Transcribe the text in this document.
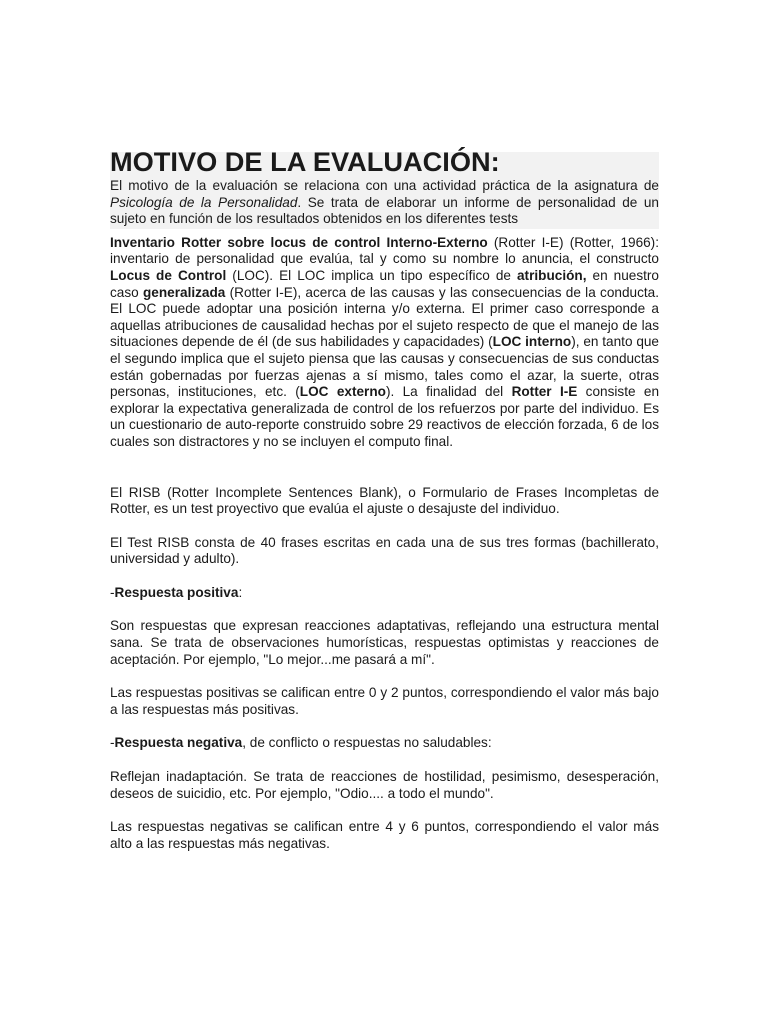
MOTIVO DE LA EVALUACIÓN:

El motivo de la evaluación se relaciona con una actividad práctica de la asignatura de Psicología de la Personalidad. Se trata de elaborar un informe de personalidad de un sujeto en función de los resultados obtenidos en los diferentes tests

Inventario Rotter sobre locus de control Interno-Externo (Rotter I-E) (Rotter, 1966): inventario de personalidad que evalúa, tal y como su nombre lo anuncia, el constructo Locus de Control (LOC). El LOC implica un tipo específico de atribución, en nuestro caso generalizada (Rotter I-E), acerca de las causas y las consecuencias de la conducta. El LOC puede adoptar una posición interna y/o externa. El primer caso corresponde a aquellas atribuciones de causalidad hechas por el sujeto respecto de que el manejo de las situaciones depende de él (de sus habilidades y capacidades) (LOC interno), en tanto que el segundo implica que el sujeto piensa que las causas y consecuencias de sus conductas están gobernadas por fuerzas ajenas a sí mismo, tales como el azar, la suerte, otras personas, instituciones, etc. (LOC externo). La finalidad del Rotter I-E consiste en explorar la expectativa generalizada de control de los refuerzos por parte del individuo. Es un cuestionario de auto-reporte construido sobre 29 reactivos de elección forzada, 6 de los cuales son distractores y no se incluyen el computo final.

El RISB (Rotter Incomplete Sentences Blank), o Formulario de Frases Incompletas de Rotter, es un test proyectivo que evalúa el ajuste o desajuste del individuo.

El Test RISB consta de 40 frases escritas en cada una de sus tres formas (bachillerato, universidad y adulto).

-Respuesta positiva:

Son respuestas que expresan reacciones adaptativas, reflejando una estructura mental sana. Se trata de observaciones humorísticas, respuestas optimistas y reacciones de aceptación. Por ejemplo, "Lo mejor...me pasará a mí".

Las respuestas positivas se califican entre 0 y 2 puntos, correspondiendo el valor más bajo a las respuestas más positivas.

-Respuesta negativa, de conflicto o respuestas no saludables:

Reflejan inadaptación. Se trata de reacciones de hostilidad, pesimismo, desesperación, deseos de suicidio, etc. Por ejemplo, "Odio.... a todo el mundo".

Las respuestas negativas se califican entre 4 y 6 puntos, correspondiendo el valor más alto a las respuestas más negativas.
